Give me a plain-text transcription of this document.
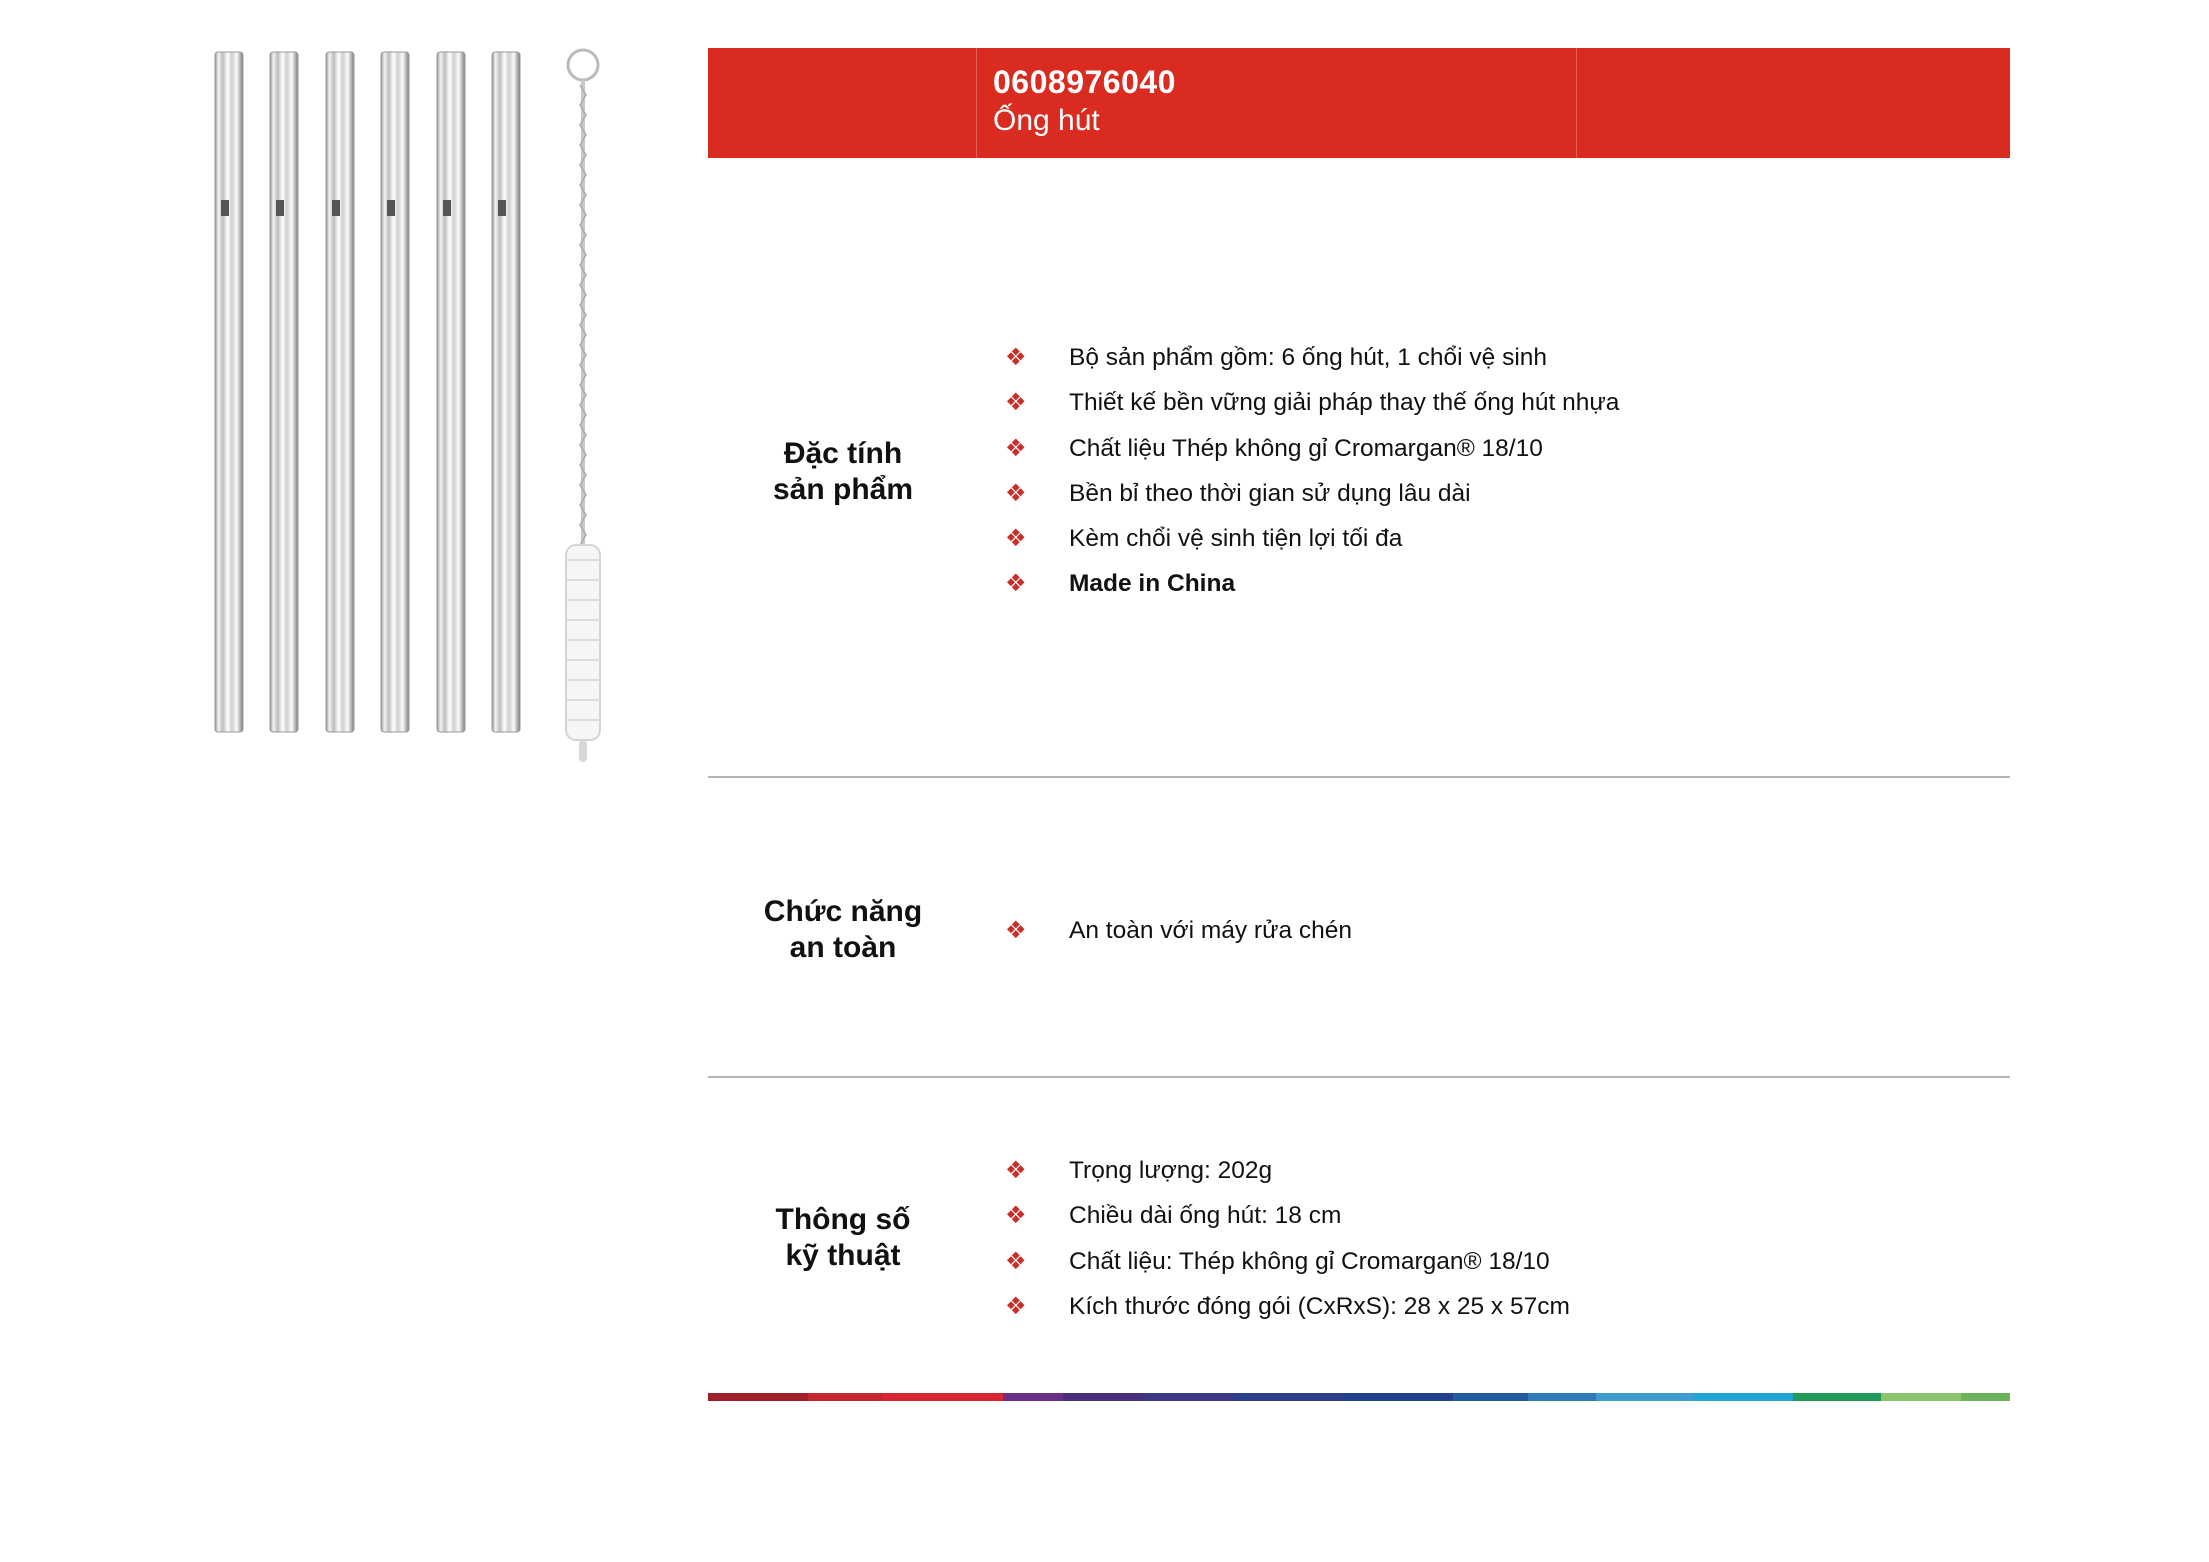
0608976040
Ống hút
Đặc tính
sản phẩm
❖ Bộ sản phẩm gồm: 6 ống hút, 1 chổi vệ sinh
❖ Thiết kế bền vững giải pháp thay thế ống hút nhựa
❖ Chất liệu Thép không gỉ Cromargan® 18/10
❖ Bền bỉ theo thời gian sử dụng lâu dài
❖ Kèm chổi vệ sinh tiện lợi tối đa
❖ Made in China
Chức năng
an toàn
❖ An toàn với máy rửa chén
Thông số
kỹ thuật
❖ Trọng lượng: 202g
❖ Chiều dài ống hút: 18 cm
❖ Chất liệu: Thép không gỉ Cromargan® 18/10
❖ Kích thước đóng gói (CxRxS): 28 x 25 x 57cm
